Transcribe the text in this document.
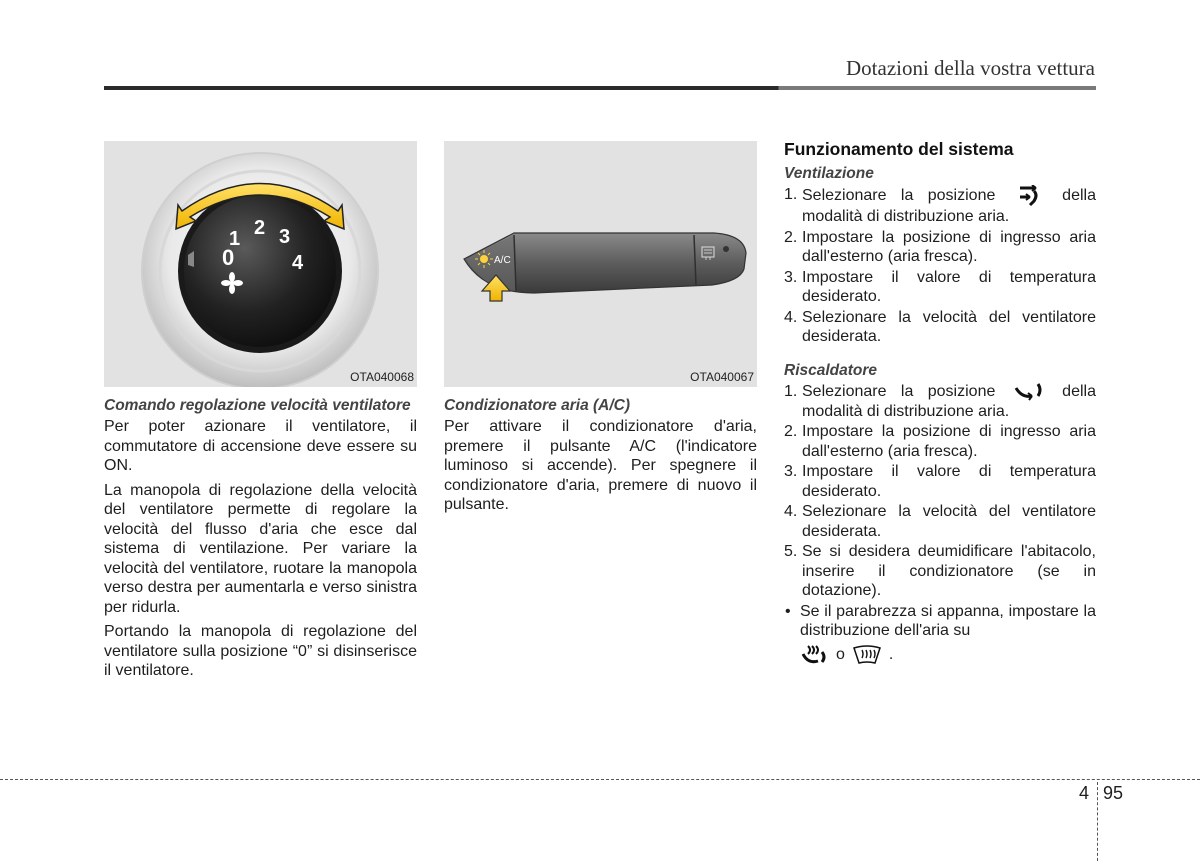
Dotazioni della vostra vettura
0
1 2 3
4
OTA040068
Comando regolazione velocità ventilatore

Per poter azionare il ventilatore, il commutatore di accensione deve essere su ON.

La manopola di regolazione della velocità del ventilatore permette di regolare la velocità del flusso d'aria che esce dal sistema di ventilazione. Per variare la velocità del ventilatore, ruotare la manopola verso destra per aumentarla e verso sinistra per ridurla.

Portando la manopola di regolazione del ventilatore sulla posizione “0” si disinserisce il ventilatore.

A/C
OTA040067
Condizionatore aria (A/C)

Per attivare il condizionatore d'aria, premere il pulsante A/C (l'indicatore luminoso si accende). Per spegnere il condizionatore d'aria, premere di nuovo il pulsante.

Funzionamento del sistema
Ventilazione
1. Selezionare la posizione	della modalità di distribuzione aria.
2. Impostare la posizione di ingresso aria dall'esterno (aria fresca).
3. Impostare il valore di temperatura desiderato.
4. Selezionare la velocità del ventilatore desiderata.
Riscaldatore
1. Selezionare la posizione	della modalità di distribuzione aria.
2. Impostare la posizione di ingresso aria dall'esterno (aria fresca).
3. Impostare il valore di temperatura desiderato.
4. Selezionare la velocità del ventilatore desiderata.
5. Se si desidera deumidificare l'abitacolo, inserire il condizionatore (se in dotazione).
• Se il parabrezza si appanna, impostare la distribuzione dell'aria su
o	.
4 95
